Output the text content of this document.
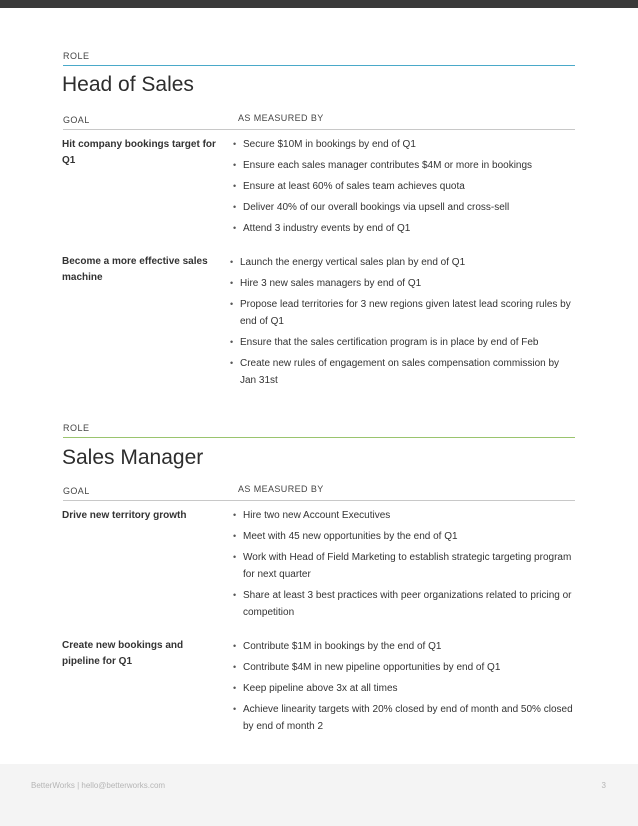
ROLE
Head of Sales
GOAL	AS MEASURED BY
Hit company bookings target for Q1
• Secure $10M in bookings by end of Q1
• Ensure each sales manager contributes $4M or more in bookings
• Ensure at least 60% of sales team achieves quota
• Deliver 40% of our overall bookings via upsell and cross-sell
• Attend 3 industry events by end of Q1
Become a more effective sales machine
• Launch the energy vertical sales plan by end of Q1
• Hire 3 new sales managers by end of Q1
• Propose lead territories for 3 new regions given latest lead scoring rules by end of Q1
• Ensure that the sales certification program is in place by end of Feb
• Create new rules of engagement on sales compensation commission by Jan 31st
ROLE
Sales Manager
GOAL	AS MEASURED BY
Drive new territory growth
•	Hire two new Account Executives
• Meet with 45 new opportunities by the end of Q1
• Work with Head of Field Marketing to establish strategic targeting program for next quarter
• Share at least 3 best practices with peer organizations related to pricing or competition
Create new bookings and pipeline for Q1
• Contribute $1M in bookings by the end of Q1
• Contribute $4M in new pipeline opportunities by end of Q1
• Keep pipeline above 3x at all times
• Achieve linearity targets with 20% closed by end of month and 50% closed by end of month 2
BetterWorks | hello@betterworks.com	3
